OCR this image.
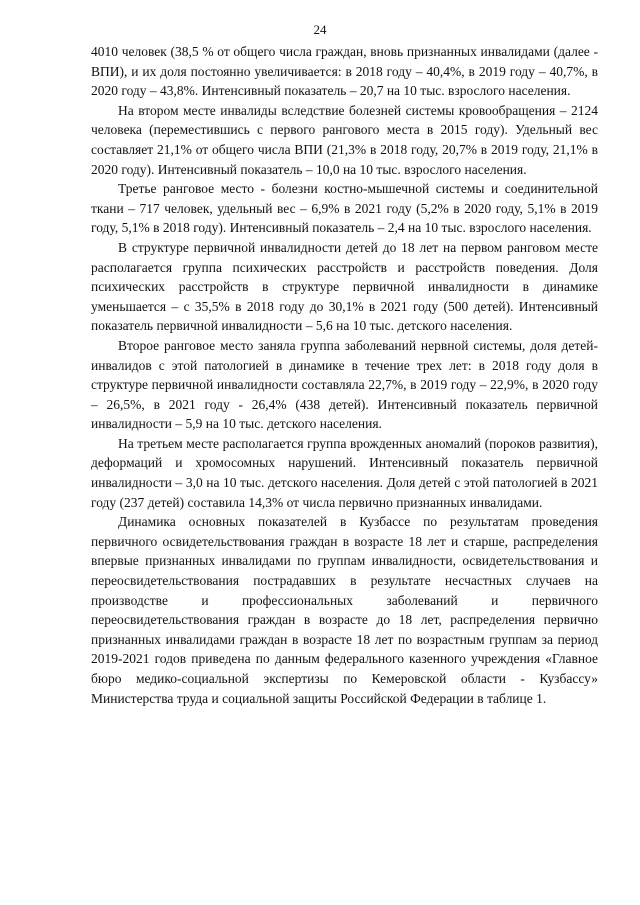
24

4010 человек (38,5 % от общего числа граждан, вновь признанных инвалидами (далее - ВПИ), и их доля постоянно увеличивается: в 2018 году – 40,4%, в 2019 году – 40,7%, в 2020 году – 43,8%. Интенсивный показатель – 20,7 на 10 тыс. взрослого населения.

На втором месте инвалиды вследствие болезней системы кровообращения – 2124 человека (переместившись с первого рангового места в 2015 году). Удельный вес составляет 21,1% от общего числа ВПИ (21,3% в 2018 году, 20,7% в 2019 году, 21,1% в 2020 году). Интенсивный показатель – 10,0 на 10 тыс. взрослого населения.

Третье ранговое место - болезни костно-мышечной системы и соединительной ткани – 717 человек, удельный вес – 6,9% в 2021 году (5,2% в 2020 году, 5,1% в 2019 году, 5,1% в 2018 году). Интенсивный показатель – 2,4 на 10 тыс. взрослого населения.

В структуре первичной инвалидности детей до 18 лет на первом ранговом месте располагается группа психических расстройств и расстройств поведения. Доля психических расстройств в структуре первичной инвалидности в динамике уменьшается – с 35,5% в 2018 году до 30,1% в 2021 году (500 детей). Интенсивный показатель первичной инвалидности – 5,6 на 10 тыс. детского населения.

Второе ранговое место заняла группа заболеваний нервной системы, доля детей-инвалидов с этой патологией в динамике в течение трех лет: в 2018 году доля в структуре первичной инвалидности составляла 22,7%, в 2019 году – 22,9%, в 2020 году – 26,5%, в 2021 году - 26,4% (438 детей). Интенсивный показатель первичной инвалидности – 5,9 на 10 тыс. детского населения.

На третьем месте располагается группа врожденных аномалий (пороков развития), деформаций и хромосомных нарушений. Интенсивный показатель первичной инвалидности – 3,0 на 10 тыс. детского населения. Доля детей с этой патологией в 2021 году (237 детей) составила 14,3% от числа первично признанных инвалидами.

Динамика основных показателей в Кузбассе по результатам проведения первичного освидетельствования граждан в возрасте 18 лет и старше, распределения впервые признанных инвалидами по группам инвалидности, освидетельствования и переосвидетельствования пострадавших в результате несчастных случаев на производстве и профессиональных заболеваний и первичного переосвидетельствования граждан в возрасте до 18 лет, распределения первично признанных инвалидами граждан в возрасте 18 лет по возрастным группам за период 2019-2021 годов приведена по данным федерального казенного учреждения «Главное бюро медико-социальной экспертизы по Кемеровской области - Кузбассу» Министерства труда и социальной защиты Российской Федерации в таблице 1.
